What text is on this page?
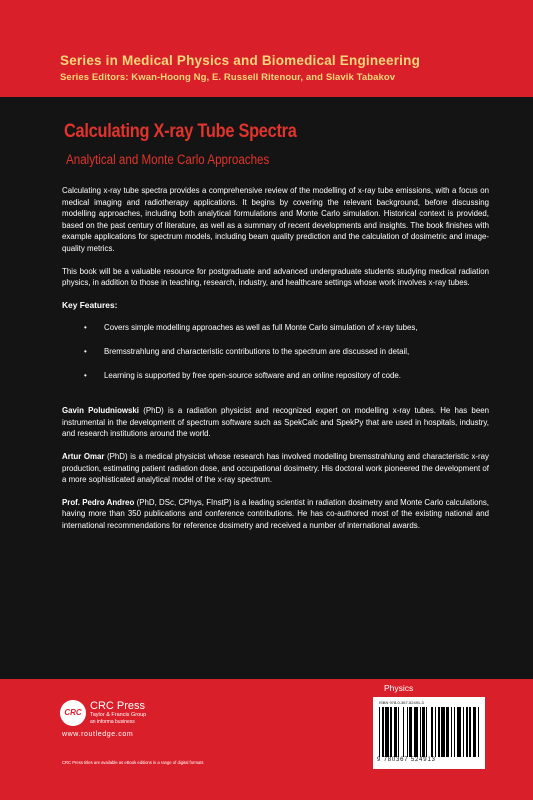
Series in Medical Physics and Biomedical Engineering
Series Editors: Kwan-Hoong Ng, E. Russell Ritenour, and Slavik Tabakov
Calculating X-ray Tube Spectra
Analytical and Monte Carlo Approaches

Calculating x-ray tube spectra provides a comprehensive review of the modelling of x-ray tube emissions, with a focus on medical imaging and radiotherapy applications. It begins by covering the relevant background, before discussing modelling approaches, including both analytical formulations and Monte Carlo simulation. Historical context is provided, based on the past century of literature, as well as a summary of recent developments and insights. The book finishes with example applications for spectrum models, including beam quality prediction and the calculation of dosimetric and image-quality metrics.

This book will be a valuable resource for postgraduate and advanced undergraduate students studying medical radiation physics, in addition to those in teaching, research, industry, and healthcare settings whose work involves x-ray tubes.

Key Features:

• Covers simple modelling approaches as well as full Monte Carlo simulation of x-ray tubes,
• Bremsstrahlung and characteristic contributions to the spectrum are discussed in detail,
• Learning is supported by free open-source software and an online repository of code.

Gavin Poludniowski (PhD) is a radiation physicist and recognized expert on modelling x-ray tubes. He has been instrumental in the development of spectrum software such as SpekCalc and SpekPy that are used in hospitals, industry, and research institutions around the world.

Artur Omar (PhD) is a medical physicist whose research has involved modelling bremsstrahlung and characteristic x-ray production, estimating patient radiation dose, and occupational dosimetry. His doctoral work pioneered the development of a more sophisticated analytical model of the x-ray spectrum.

Prof. Pedro Andreo (PhD, DSc, CPhys, FInstP) is a leading scientist in radiation dosimetry and Monte Carlo calculations, having more than 350 publications and conference contributions. He has co-authored most of the existing national and international recommendations for reference dosimetry and received a number of international awards.

CRC
CRC Press
Taylor & Francis Group
an informa business
www.routledge.com
CRC Press titles are available as eBook editions in a range of digital formats
Physics
ISBN 978-0-367-52491-3
9 780367 524913
